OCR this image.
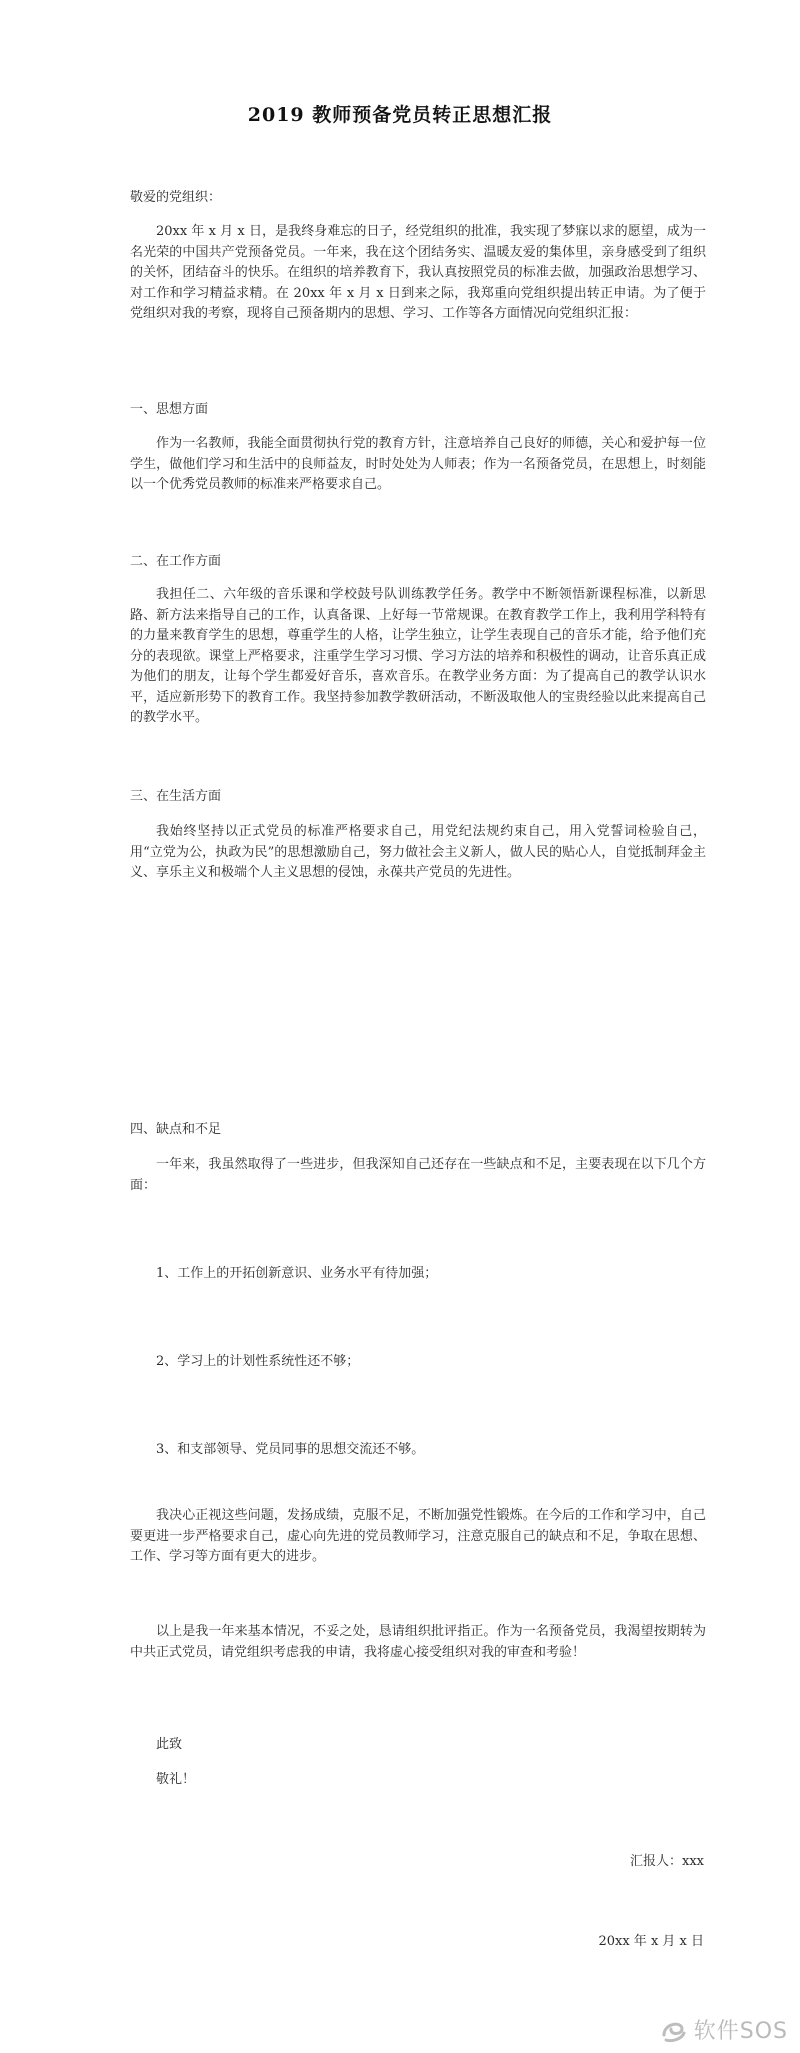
2019 教师预备党员转正思想汇报

敬爱的党组织：

20xx 年 x 月 x 日，是我终身难忘的日子，经党组织的批准，我实现了梦寐以求的愿望，成为一名光荣的中国共产党预备党员。一年来，我在这个团结务实、温暖友爱的集体里，亲身感受到了组织的关怀，团结奋斗的快乐。在组织的培养教育下，我认真按照党员的标准去做，加强政治思想学习、对工作和学习精益求精。在 20xx 年 x 月 x 日到来之际，我郑重向党组织提出转正申请。为了便于党组织对我的考察，现将自己预备期内的思想、学习、工作等各方面情况向党组织汇报：

一、思想方面

作为一名教师，我能全面贯彻执行党的教育方针，注意培养自己良好的师德，关心和爱护每一位学生，做他们学习和生活中的良师益友，时时处处为人师表；作为一名预备党员，在思想上，时刻能以一个优秀党员教师的标准来严格要求自己。

二、在工作方面

我担任二、六年级的音乐课和学校鼓号队训练教学任务。教学中不断领悟新课程标准，以新思路、新方法来指导自己的工作，认真备课、上好每一节常规课。在教育教学工作上，我利用学科特有的力量来教育学生的思想，尊重学生的人格，让学生独立，让学生表现自己的音乐才能，给予他们充分的表现欲。课堂上严格要求，注重学生学习习惯、学习方法的培养和积极性的调动，让音乐真正成为他们的朋友，让每个学生都爱好音乐，喜欢音乐。在教学业务方面：为了提高自己的教学认识水平，适应新形势下的教育工作。我坚持参加教学教研活动，不断汲取他人的宝贵经验以此来提高自己的教学水平。

三、在生活方面

我始终坚持以正式党员的标准严格要求自己，用党纪法规约束自己，用入党誓词检验自己，用“立党为公，执政为民”的思想激励自己，努力做社会主义新人，做人民的贴心人，自觉抵制拜金主义、享乐主义和极端个人主义思想的侵蚀，永葆共产党员的先进性。

四、缺点和不足

一年来，我虽然取得了一些进步，但我深知自己还存在一些缺点和不足，主要表现在以下几个方面：

1、工作上的开拓创新意识、业务水平有待加强；

2、学习上的计划性系统性还不够；

3、和支部领导、党员同事的思想交流还不够。

我决心正视这些问题，发扬成绩，克服不足，不断加强党性锻炼。在今后的工作和学习中，自己要更进一步严格要求自己，虚心向先进的党员教师学习，注意克服自己的缺点和不足，争取在思想、工作、学习等方面有更大的进步。

以上是我一年来基本情况，不妥之处，恳请组织批评指正。作为一名预备党员，我渴望按期转为中共正式党员，请党组织考虑我的申请，我将虚心接受组织对我的审查和考验！

此致

敬礼！

汇报人：xxx
20xx 年 x 月 x 日
软件SOS
